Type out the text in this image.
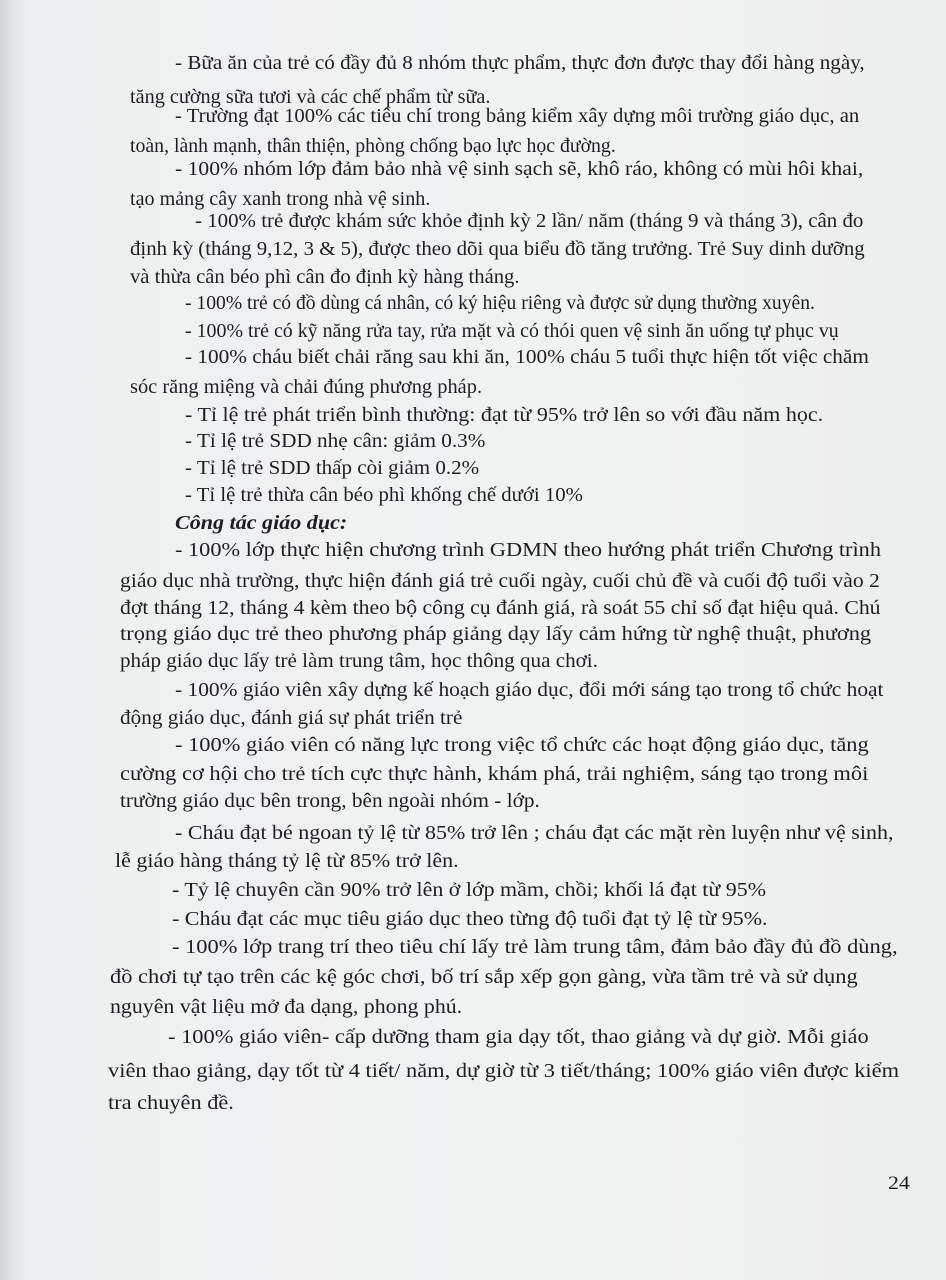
- Bữa ăn của trẻ có đầy đủ 8 nhóm thực phẩm, thực đơn được thay đổi hàng ngày,
tăng cường sữa tươi và các chế phẩm từ sữa.
- Trường đạt 100% các tiêu chí trong bảng kiểm xây dựng môi trường giáo dục, an
toàn, lành mạnh, thân thiện, phòng chống bạo lực học đường.
- 100% nhóm lớp đảm bảo nhà vệ sinh sạch sẽ, khô ráo, không có mùi hôi khai,
tạo mảng cây xanh trong nhà vệ sinh.
- 100% trẻ được khám sức khỏe định kỳ 2 lần/ năm (tháng 9 và tháng 3), cân đo
định kỳ (tháng 9,12, 3 & 5), được theo dõi qua biểu đồ tăng trưởng. Trẻ Suy dinh dưỡng
và thừa cân béo phì cân đo định kỳ hàng tháng.
- 100% trẻ có đồ dùng cá nhân, có ký hiệu riêng và được sử dụng thường xuyên.
- 100% trẻ có kỹ năng rửa tay, rửa mặt và có thói quen vệ sinh ăn uống tự phục vụ
- 100% cháu biết chải răng sau khi ăn, 100% cháu 5 tuổi thực hiện tốt việc chăm
sóc răng miệng và chải đúng phương pháp.
- Tỉ lệ trẻ phát triển bình thường: đạt từ 95% trở lên so với đầu năm học.
- Tỉ lệ trẻ SDD nhẹ cân: giảm 0.3%
- Tỉ lệ trẻ SDD thấp còi giảm 0.2%
- Tỉ lệ trẻ thừa cân béo phì khống chế dưới 10%
Công tác giáo dục:
- 100% lớp thực hiện chương trình GDMN theo hướng phát triển Chương trình
giáo dục nhà trường, thực hiện đánh giá trẻ cuối ngày, cuối chủ đề và cuối độ tuổi vào 2
đợt tháng 12, tháng 4 kèm theo bộ công cụ đánh giá, rà soát 55 chỉ số đạt hiệu quả. Chú
trọng giáo dục trẻ theo phương pháp giảng dạy lấy cảm hứng từ nghệ thuật, phương
pháp giáo dục lấy trẻ làm trung tâm, học thông qua chơi.
- 100% giáo viên xây dựng kế hoạch giáo dục, đổi mới sáng tạo trong tổ chức hoạt
động giáo dục, đánh giá sự phát triển trẻ
- 100% giáo viên có năng lực trong việc tổ chức các hoạt động giáo dục, tăng
cường cơ hội cho trẻ tích cực thực hành, khám phá, trải nghiệm, sáng tạo trong môi
trường giáo dục bên trong, bên ngoài nhóm - lớp.
- Cháu đạt bé ngoan tỷ lệ từ 85% trở lên ; cháu đạt các mặt rèn luyện như vệ sinh,
lễ giáo hàng tháng tỷ lệ từ 85% trở lên.
- Tỷ lệ chuyên cần 90% trở lên ở lớp mầm, chồi; khối lá đạt từ 95%
- Cháu đạt các mục tiêu giáo dục theo từng độ tuổi đạt tỷ lệ từ 95%.
- 100% lớp trang trí theo tiêu chí lấy trẻ làm trung tâm, đảm bảo đầy đủ đồ dùng,
đồ chơi tự tạo trên các kệ góc chơi, bố trí sắp xếp gọn gàng, vừa tầm trẻ và sử dụng
nguyên vật liệu mở đa dạng, phong phú.
- 100% giáo viên- cấp dưỡng tham gia dạy tốt, thao giảng và dự giờ. Mỗi giáo
viên thao giảng, dạy tốt từ 4 tiết/ năm, dự giờ từ 3 tiết/tháng; 100% giáo viên được kiểm
tra chuyên đề.
24
